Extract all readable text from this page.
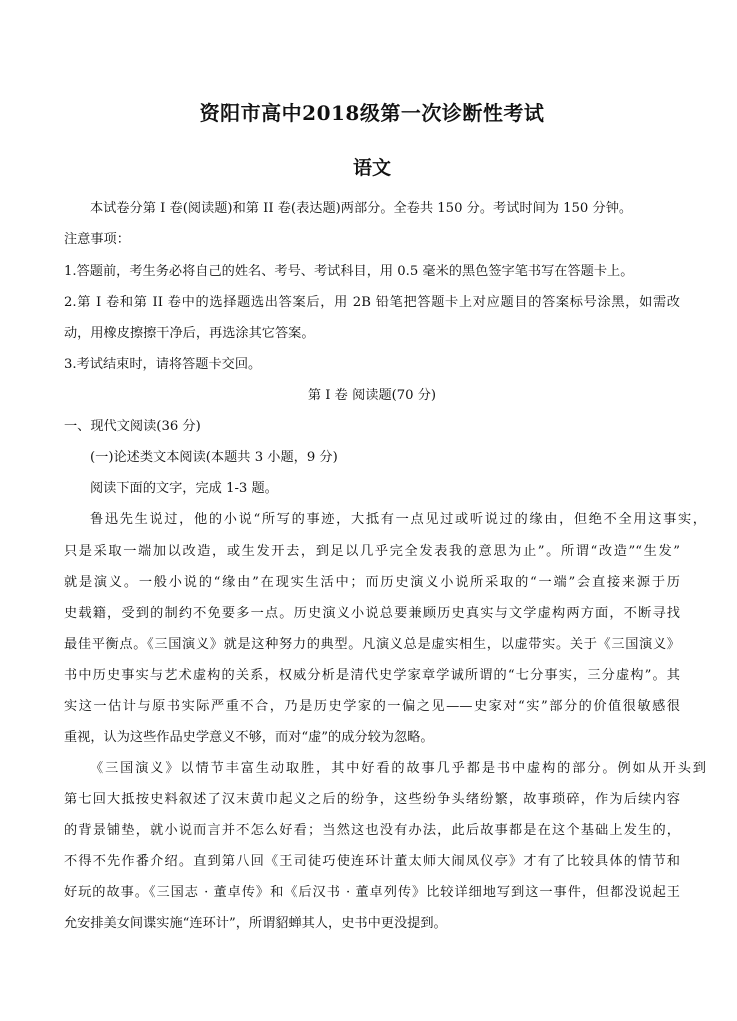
资阳市高中2018级第一次诊断性考试
语文
本试卷分第 I 卷(阅读题)和第 II 卷(表达题)两部分。全卷共 150 分。考试时间为 150 分钟。
注意事项：
1.答题前，考生务必将自己的姓名、考号、考试科目，用 0.5 毫米的黑色签字笔书写在答题卡上。
2.第 I 卷和第 II 卷中的选择题选出答案后，用 2B 铅笔把答题卡上对应题目的答案标号涂黑，如需改
动，用橡皮擦擦干净后，再选涂其它答案。
3.考试结束时，请将答题卡交回。
第 I 卷 阅读题(70 分)
一、现代文阅读(36 分)
(一)论述类文本阅读(本题共 3 小题，9 分)
阅读下面的文字，完成 1-3 题。
鲁迅先生说过，他的小说“所写的事迹，大抵有一点见过或听说过的缘由，但绝不全用这事实，
只是采取一端加以改造，或生发开去，到足以几乎完全发表我的意思为止”。所谓“改造”“生发”
就是演义。一般小说的“缘由”在现实生活中；而历史演义小说所采取的“一端”会直接来源于历
史载籍，受到的制约不免要多一点。历史演义小说总要兼顾历史真实与文学虚构两方面，不断寻找
最佳平衡点。《三国演义》就是这种努力的典型。凡演义总是虚实相生，以虚带实。关于《三国演义》
书中历史事实与艺术虚构的关系，权威分析是清代史学家章学诚所谓的“七分事实，三分虚构”。其
实这一估计与原书实际严重不合，乃是历史学家的一偏之见——史家对“实”部分的价值很敏感很
重视，认为这些作品史学意义不够，而对“虚”的成分较为忽略。
《三国演义》以情节丰富生动取胜，其中好看的故事几乎都是书中虚构的部分。例如从开头到
第七回大抵按史料叙述了汉末黄巾起义之后的纷争，这些纷争头绪纷繁，故事琐碎，作为后续内容
的背景铺垫，就小说而言并不怎么好看；当然这也没有办法，此后故事都是在这个基础上发生的，
不得不先作番介绍。直到第八回《王司徒巧使连环计董太师大闹凤仪亭》才有了比较具体的情节和
好玩的故事。《三国志 · 董卓传》和《后汉书 · 董卓列传》比较详细地写到这一事件，但都没说起王
允安排美女间谍实施“连环计”，所谓貂蝉其人，史书中更没提到。
